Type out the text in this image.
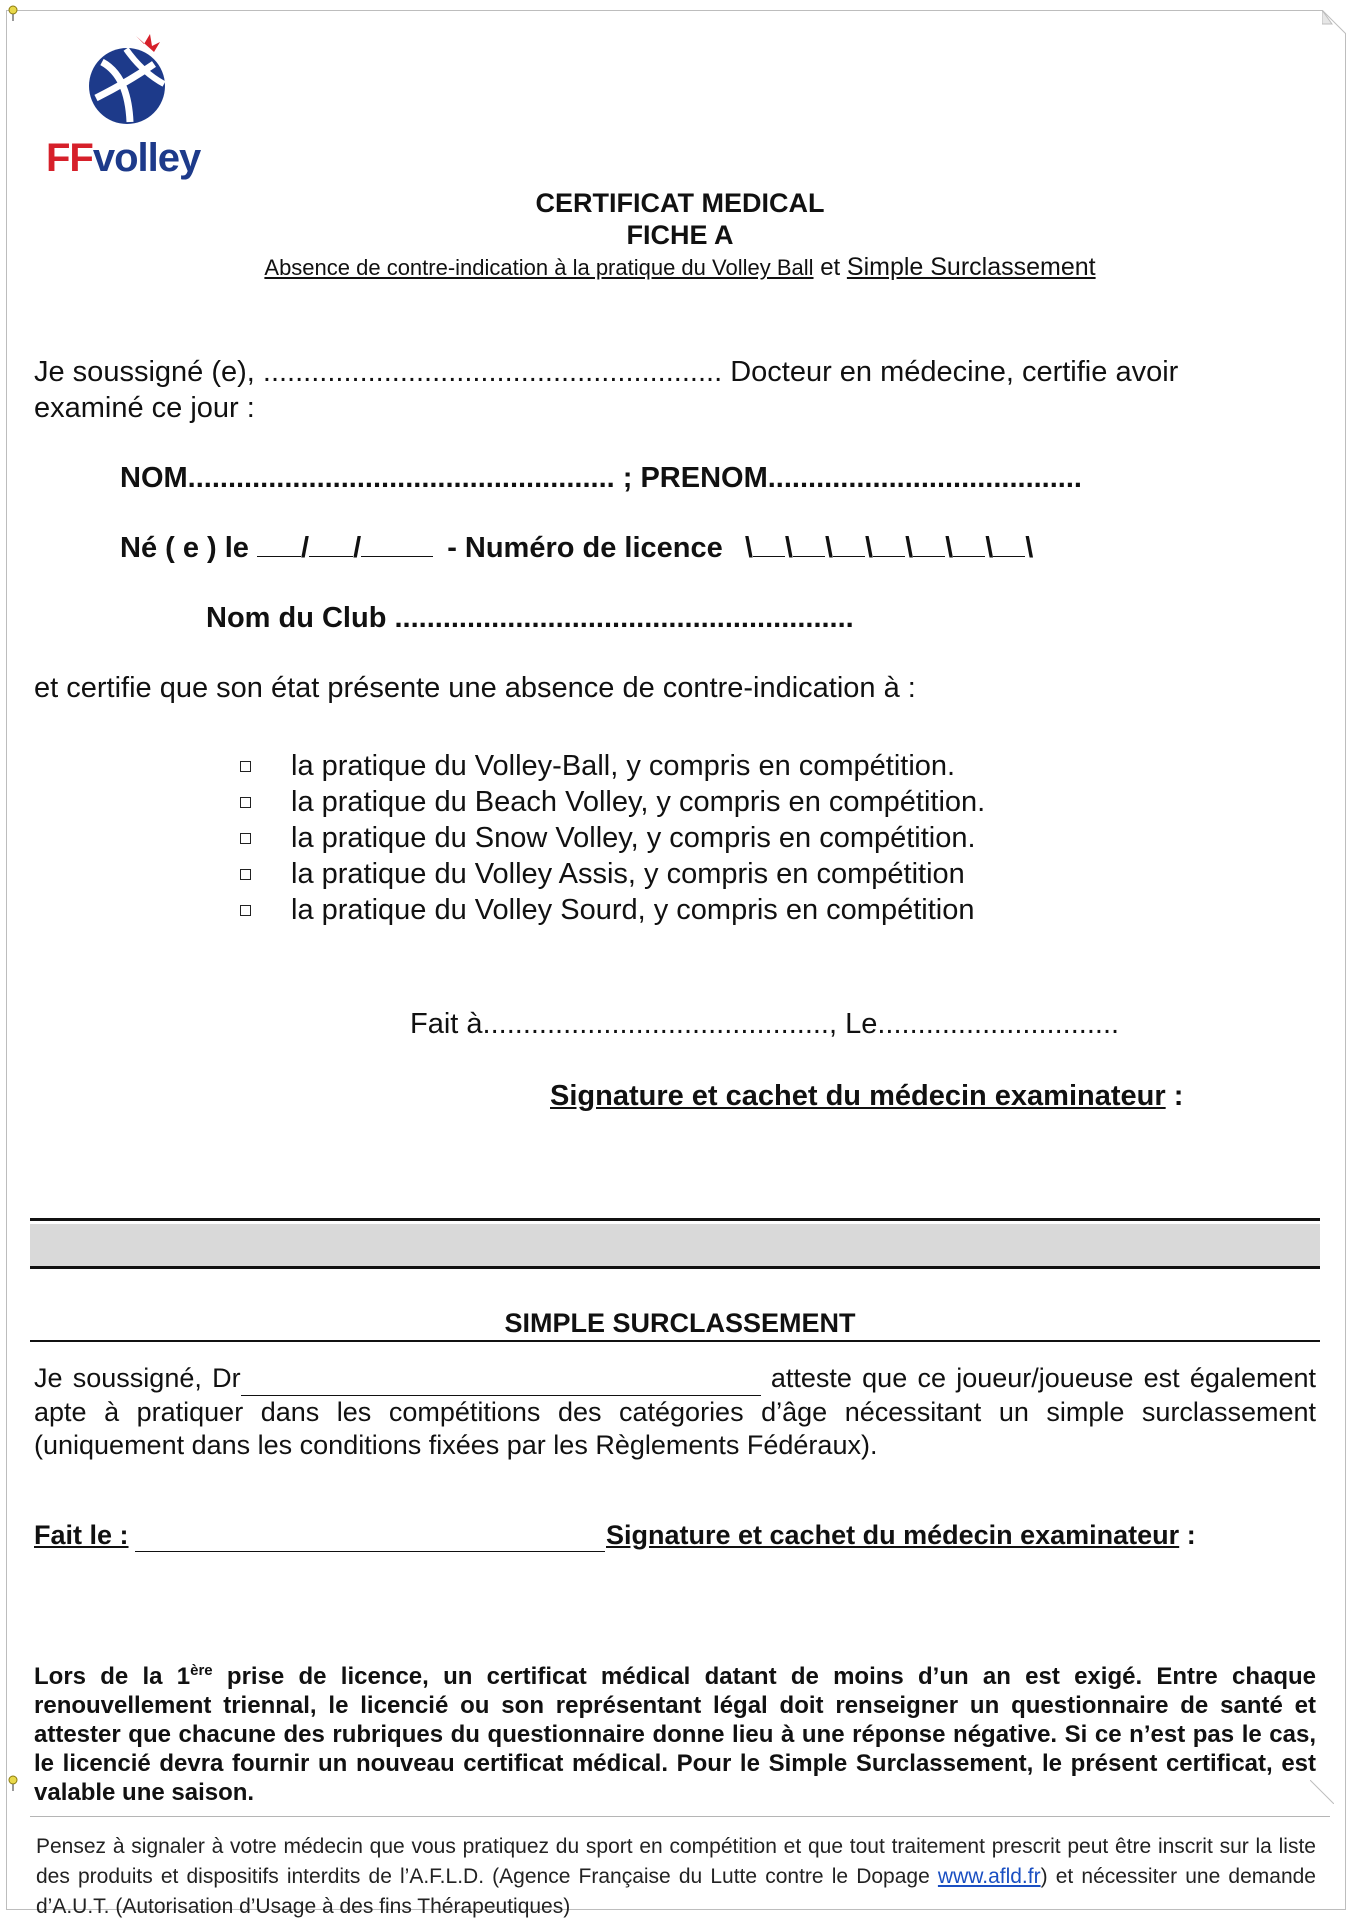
FFvolley
CERTIFICAT MEDICAL
FICHE A
Absence de contre-indication à la pratique du Volley Ball et Simple Surclassement
Je soussigné (e), ......................................................... Docteur en médecine, certifie avoir
examiné ce jour :
NOM..................................................... ; PRENOM.......................................
Né ( e ) le / /	- Numéro de licence \ \ \ \ \ \ \ \
Nom du Club .........................................................
et certifie que son état présente une absence de contre-indication à :
la pratique du Volley-Ball, y compris en compétition.
la pratique du Beach Volley, y compris en compétition.
la pratique du Snow Volley, y compris en compétition.
la pratique du Volley Assis, y compris en compétition
la pratique du Volley Sourd, y compris en compétition
Fait à..........................................., Le..............................
Signature et cachet du médecin examinateur :
SIMPLE SURCLASSEMENT
Je soussigné, Dr	atteste que ce joueur/joueuse est également apte à pratiquer dans les compétitions des catégories d’âge nécessitant un simple surclassement (uniquement dans les conditions fixées par les Règlements Fédéraux).
Fait le :	Signature et cachet du médecin examinateur :
Lors de la 1ère prise de licence, un certificat médical datant de moins d’un an est exigé. Entre chaque renouvellement triennal, le licencié ou son représentant légal doit renseigner un questionnaire de santé et attester que chacune des rubriques du questionnaire donne lieu à une réponse négative. Si ce n’est pas le cas, le licencié devra fournir un nouveau certificat médical. Pour le Simple Surclassement, le présent certificat, est valable une saison.
Pensez à signaler à votre médecin que vous pratiquez du sport en compétition et que tout traitement prescrit peut être inscrit sur la liste des produits et dispositifs interdits de l’A.F.L.D. (Agence Française du Lutte contre le Dopage www.afld.fr) et nécessiter une demande d’A.U.T. (Autorisation d’Usage à des fins Thérapeutiques)
